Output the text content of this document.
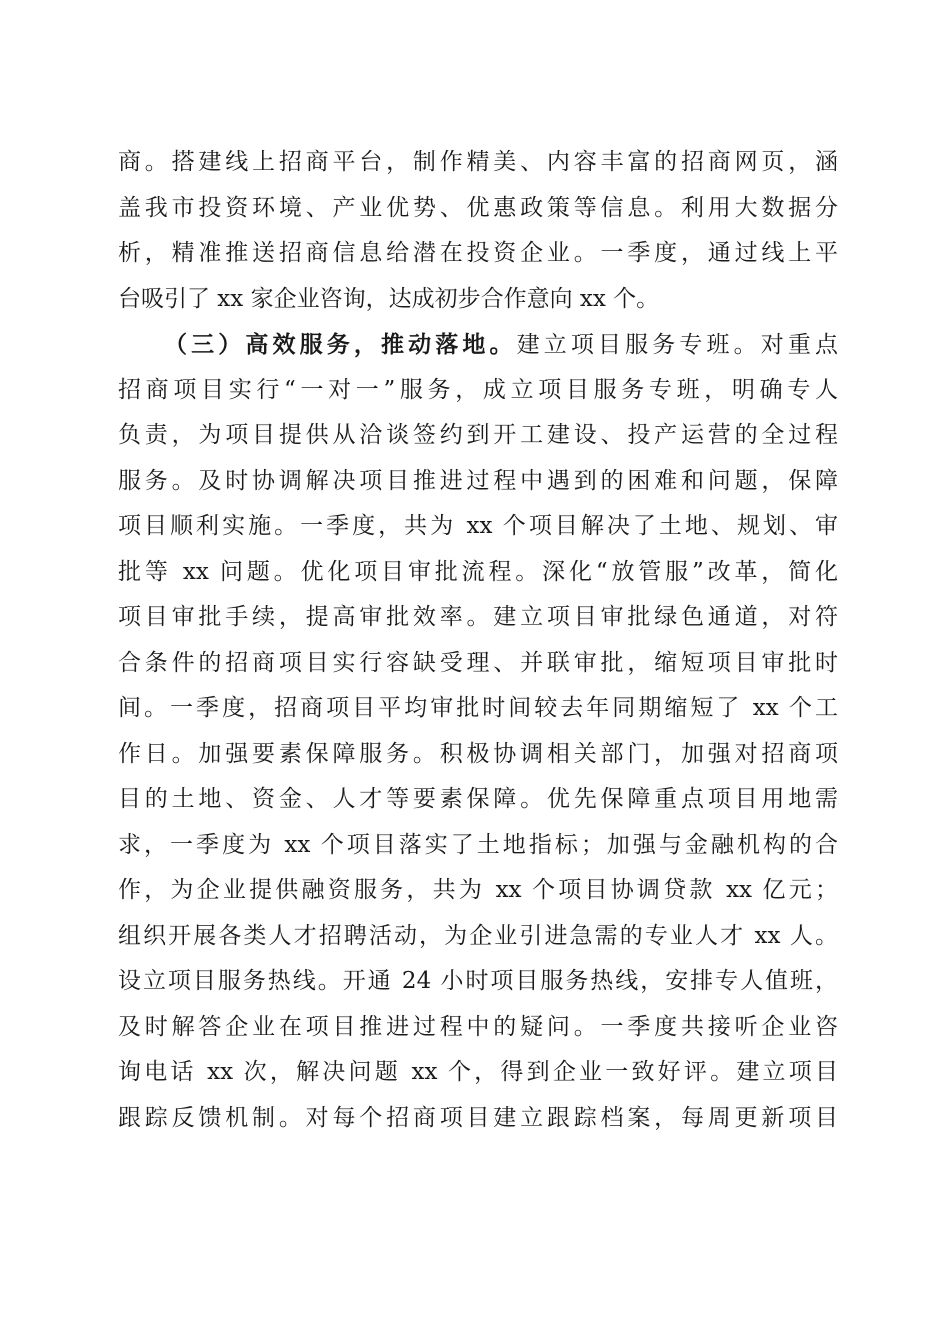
商。搭建线上招商平台，制作精美、内容丰富的招商网页，涵
盖我市投资环境、产业优势、优惠政策等信息。利用大数据分
析，精准推送招商信息给潜在投资企业。一季度，通过线上平
台吸引了 xx 家企业咨询，达成初步合作意向 xx 个。
（三）高效服务，推动落地。建立项目服务专班。对重点
招商项目实行“一对一”服务，成立项目服务专班，明确专人
负责，为项目提供从洽谈签约到开工建设、投产运营的全过程
服务。及时协调解决项目推进过程中遇到的困难和问题，保障
项目顺利实施。一季度，共为 xx 个项目解决了土地、规划、审
批等 xx 问题。优化项目审批流程。深化“放管服”改革，简化
项目审批手续，提高审批效率。建立项目审批绿色通道，对符
合条件的招商项目实行容缺受理、并联审批，缩短项目审批时
间。一季度，招商项目平均审批时间较去年同期缩短了 xx 个工
作日。加强要素保障服务。积极协调相关部门，加强对招商项
目的土地、资金、人才等要素保障。优先保障重点项目用地需
求，一季度为 xx 个项目落实了土地指标；加强与金融机构的合
作，为企业提供融资服务，共为 xx 个项目协调贷款 xx 亿元；
组织开展各类人才招聘活动，为企业引进急需的专业人才 xx 人。
设立项目服务热线。开通 24 小时项目服务热线，安排专人值班，
及时解答企业在项目推进过程中的疑问。一季度共接听企业咨
询电话 xx 次，解决问题 xx 个，得到企业一致好评。建立项目
跟踪反馈机制。对每个招商项目建立跟踪档案，每周更新项目
